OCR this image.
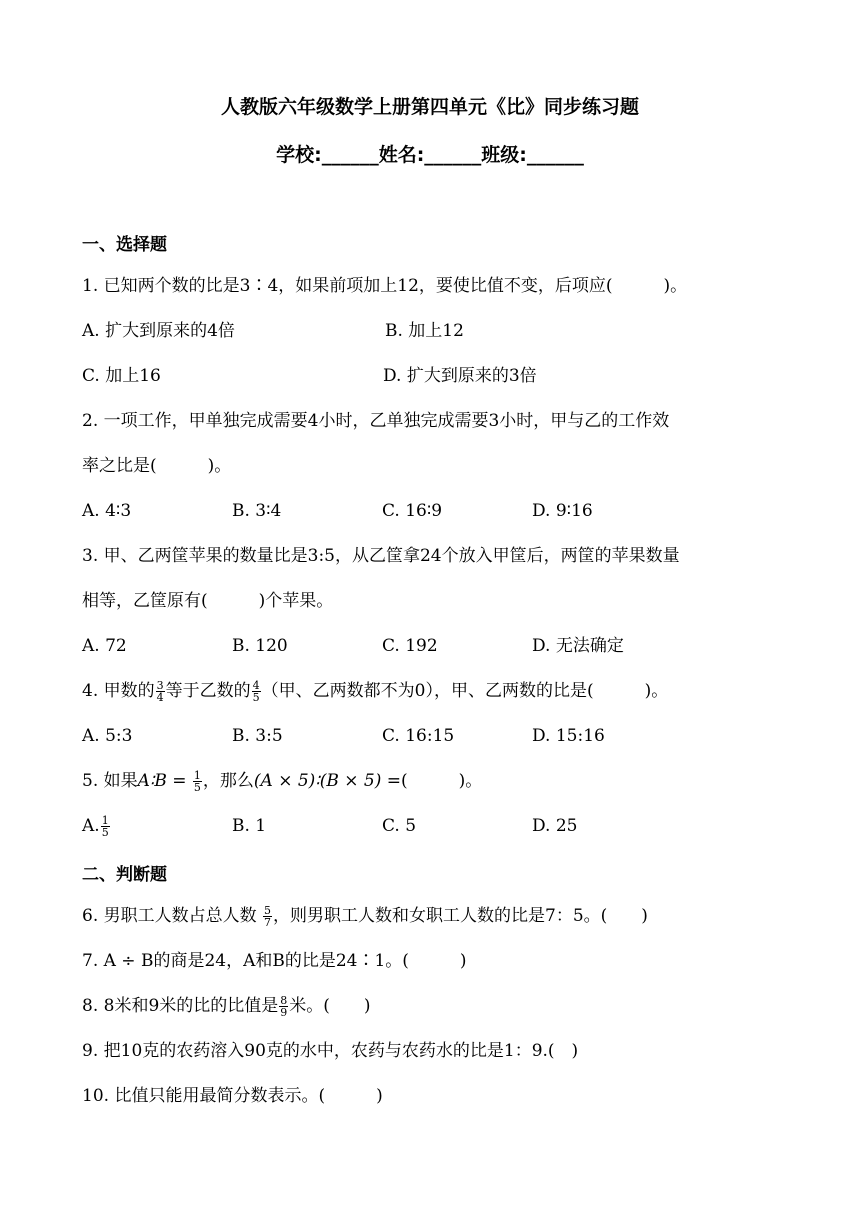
人教版六年级数学上册第四单元《比》同步练习题
学校:______姓名:______班级:______
一、选择题
1. 已知两个数的比是3∶4，如果前项加上12，要使比值不变，后项应(　　　)。
A. 扩大到原来的4倍	B. 加上12
C. 加上16	D. 扩大到原来的3倍
2. 一项工作，甲单独完成需要4小时，乙单独完成需要3小时，甲与乙的工作效
率之比是(　　　)。
A. 4∶3	B. 3∶4	C. 16∶9	D. 9∶16
3. 甲、乙两筐苹果的数量比是3:5，从乙筐拿24个放入甲筐后，两筐的苹果数量
相等，乙筐原有(　　　)个苹果。
A. 72	B. 120	C. 192	D. 无法确定
4. 甲数的 $\frac{3}{4}$ 等于乙数的 $\frac{4}{5}$ （甲、乙两数都不为0），甲、乙两数的比是(　　　)。
A. 5:3	B. 3:5	C. 16:15	D. 15:16
5. 如果A∶B = $\frac{1}{5}$ ，那么(A × 5)∶(B × 5) =(　　　)。
A. $\frac{1}{5}$	B. 1	C. 5	D. 25
二、判断题
6. 男职工人数占总人数 $\frac{5}{7}$ ，则男职工人数和女职工人数的比是7：5。(　　)
7. A ÷ B的商是24，A和B的比是24∶1。(　　　)
8. 8米和9米的比的比值是 $\frac{8}{9}$ 米。(　　)
9. 把10克的农药溶入90克的水中，农药与农药水的比是1：9.(　)
10. 比值只能用最简分数表示。(　　　)
